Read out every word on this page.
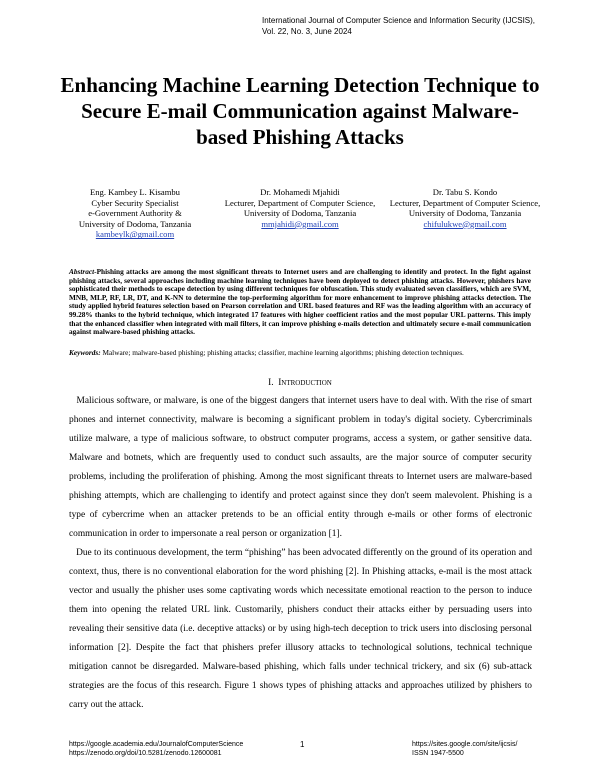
International Journal of Computer Science and Information Security (IJCSIS),
Vol. 22, No. 3, June 2024
Enhancing Machine Learning Detection Technique to Secure E-mail Communication against Malware-based Phishing Attacks
Eng. Kambey L. Kisambu
Cyber Security Specialist
e-Government Authority &
University of Dodoma, Tanzania
kambeylk@gmail.com
Dr. Mohamedi Mjahidi
Lecturer, Department of Computer Science,
University of Dodoma, Tanzania
mmjahidi@gmail.com
Dr. Tabu S. Kondo
Lecturer, Department of Computer Science,
University of Dodoma, Tanzania
chifulukwe@gmail.com
Abstract-Phishing attacks are among the most significant threats to Internet users and are challenging to identify and protect. In the fight against phishing attacks, several approaches including machine learning techniques have been deployed to detect phishing attacks. However, phishers have sophisticated their methods to escape detection by using different techniques for obfuscation. This study evaluated seven classifiers, which are SVM, MNB, MLP, RF, LR, DT, and K-NN to determine the top-performing algorithm for more enhancement to improve phishing attacks detection. The study applied hybrid features selection based on Pearson correlation and URL based features and RF was the leading algorithm with an accuracy of 99.28% thanks to the hybrid technique, which integrated 17 features with higher coefficient ratios and the most popular URL patterns. This imply that the enhanced classifier when integrated with mail filters, it can improve phishing e-mails detection and ultimately secure e-mail communication against malware-based phishing attacks.
Keywords: Malware; malware-based phishing; phishing attacks; classifier, machine learning algorithms; phishing detection techniques.
I. Introduction
Malicious software, or malware, is one of the biggest dangers that internet users have to deal with. With the rise of smart phones and internet connectivity, malware is becoming a significant problem in today's digital society. Cybercriminals utilize malware, a type of malicious software, to obstruct computer programs, access a system, or gather sensitive data. Malware and botnets, which are frequently used to conduct such assaults, are the major source of computer security problems, including the proliferation of phishing. Among the most significant threats to Internet users are malware-based phishing attempts, which are challenging to identify and protect against since they don't seem malevolent. Phishing is a type of cybercrime when an attacker pretends to be an official entity through e-mails or other forms of electronic communication in order to impersonate a real person or organization [1].
Due to its continuous development, the term “phishing” has been advocated differently on the ground of its operation and context, thus, there is no conventional elaboration for the word phishing [2]. In Phishing attacks, e-mail is the most attack vector and usually the phisher uses some captivating words which necessitate emotional reaction to the person to induce them into opening the related URL link. Customarily, phishers conduct their attacks either by persuading users into revealing their sensitive data (i.e. deceptive attacks) or by using high-tech deception to trick users into disclosing personal information [2]. Despite the fact that phishers prefer illusory attacks to technological solutions, technical technique mitigation cannot be disregarded. Malware-based phishing, which falls under technical trickery, and six (6) sub-attack strategies are the focus of this research. Figure 1 shows types of phishing attacks and approaches utilized by phishers to carry out the attack.
https://google.academia.edu/JournalofComputerScience
https://zenodo.org/doi/10.5281/zenodo.12600081
1	https://sites.google.com/site/ijcsis/
ISSN 1947-5500
